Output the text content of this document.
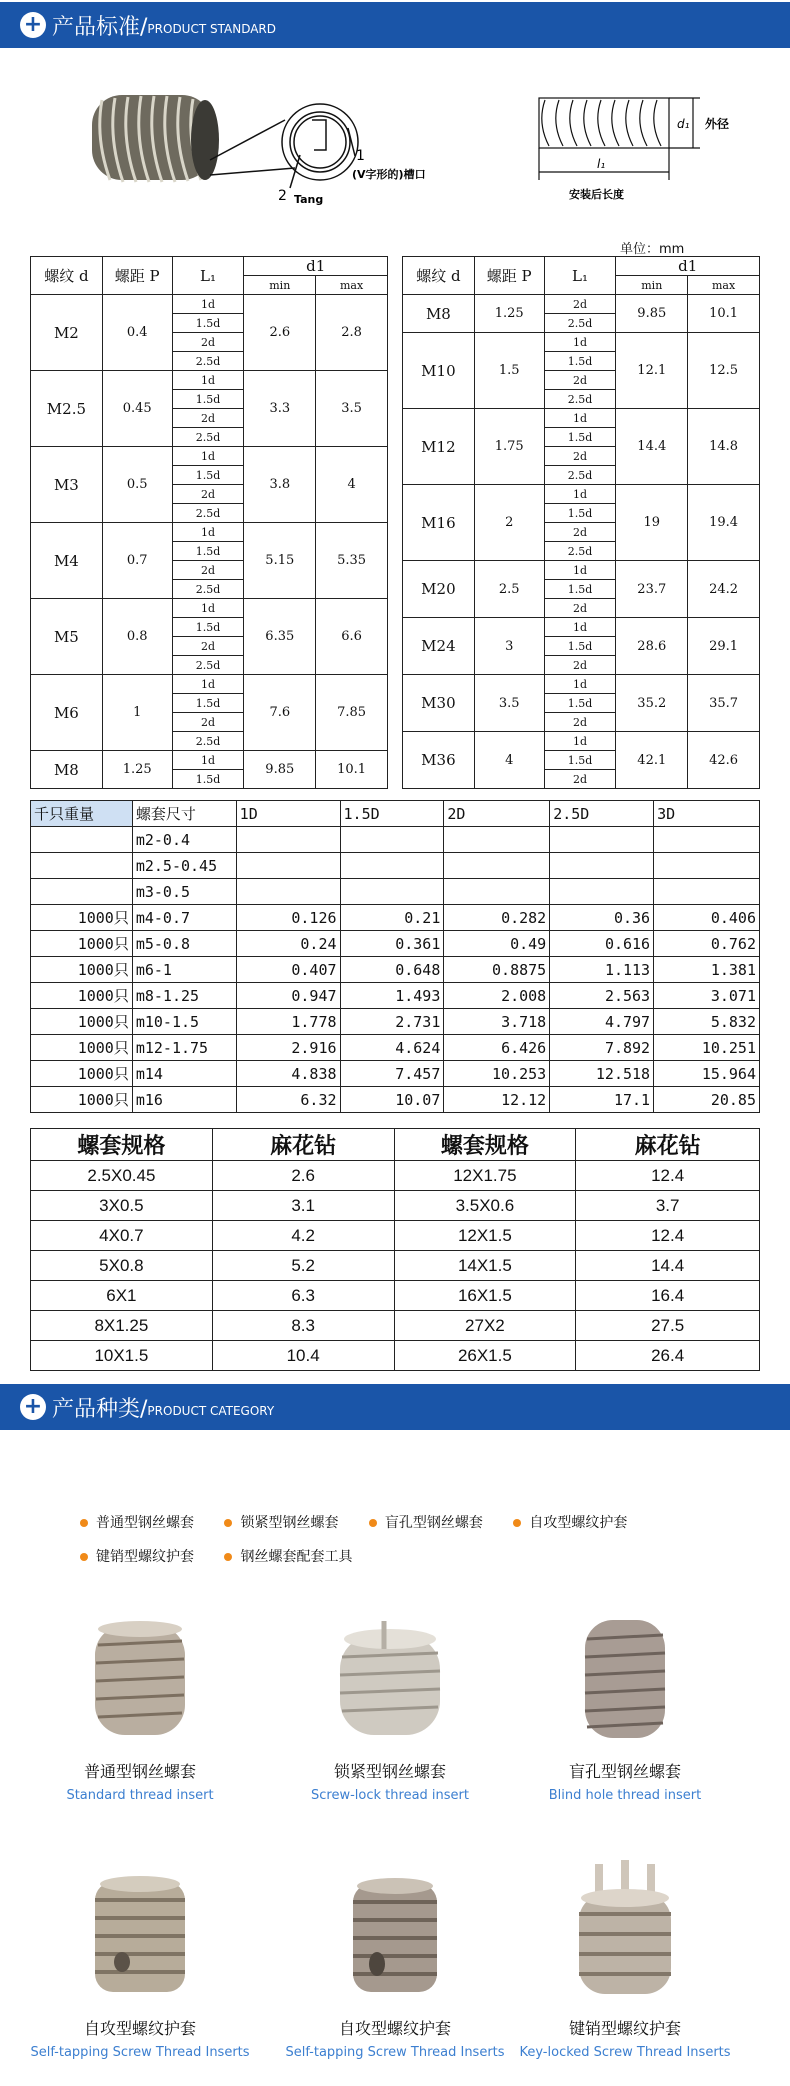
+ 产品标准/ PRODUCT STANDARD
1
(V字形的)槽口
2 Tang
d₁ 外径
l₁
安装后长度
单位：mm
螺纹 d	螺距 P	L₁	d1	
			min	max
M2	0.4	1d	2.6	2.8
		1.5d		
		2d		
		2.5d		
M2.5	0.45	1d	3.3	3.5
		1.5d		
		2d		
		2.5d		
M3	0.5	1d	3.8	4
		1.5d		
		2d		
		2.5d		
M4	0.7	1d	5.15	5.35
		1.5d		
		2d		
		2.5d		
M5	0.8	1d	6.35	6.6
		1.5d		
		2d		
		2.5d		
M6	1	1d	7.6	7.85
		1.5d		
		2d		
		2.5d		
M8	1.25	1d	9.85	10.1
		1.5d		
螺纹 d	螺距 P	L₁	d1	
			min	max
M8	1.25	2d	9.85	10.1
		2.5d		
M10	1.5	1d	12.1	12.5
		1.5d		
		2d		
		2.5d		
M12	1.75	1d	14.4	14.8
		1.5d		
		2d		
		2.5d		
M16	2	1d	19	19.4
		1.5d		
		2d		
		2.5d		
M20	2.5	1d	23.7	24.2
		1.5d		
		2d		
M24	3	1d	28.6	29.1
		1.5d		
		2d		
M30	3.5	1d	35.2	35.7
		1.5d		
		2d		
M36	4	1d	42.1	42.6
		1.5d		
		2d		
千只重量	螺套尺寸	1D	1.5D	2D	2.5D	3D
	m2-0.4					
	m2.5-0.45					
	m3-0.5					
1000只	m4-0.7	0.126	0.21	0.282	0.36	0.406
1000只	m5-0.8	0.24	0.361	0.49	0.616	0.762
1000只	m6-1	0.407	0.648	0.8875	1.113	1.381
1000只	m8-1.25	0.947	1.493	2.008	2.563	3.071
1000只	m10-1.5	1.778	2.731	3.718	4.797	5.832
1000只	m12-1.75	2.916	4.624	6.426	7.892	10.251
1000只	m14	4.838	7.457	10.253	12.518	15.964
1000只	m16	6.32	10.07	12.12	17.1	20.85
螺套规格	麻花钻	螺套规格	麻花钻
2.5X0.45	2.6	12X1.75	12.4
3X0.5	3.1	3.5X0.6	3.7
4X0.7	4.2	12X1.5	12.4
5X0.8	5.2	14X1.5	14.4
6X1	6.3	16X1.5	16.4
8X1.25	8.3	27X2	27.5
10X1.5	10.4	26X1.5	26.4
+ 产品种类/ PRODUCT CATEGORY
普通型钢丝螺套	锁紧型钢丝螺套	盲孔型钢丝螺套	自攻型螺纹护套 键销型螺纹护套	钢丝螺套配套工具
普通型钢丝螺套
Standard thread insert
锁紧型钢丝螺套
Screw-lock thread insert
盲孔型钢丝螺套
Blind hole thread insert
自攻型螺纹护套
Self-tapping Screw Thread Inserts
自攻型螺纹护套
Self-tapping Screw Thread Inserts
键销型螺纹护套
Key-locked Screw Thread Inserts
